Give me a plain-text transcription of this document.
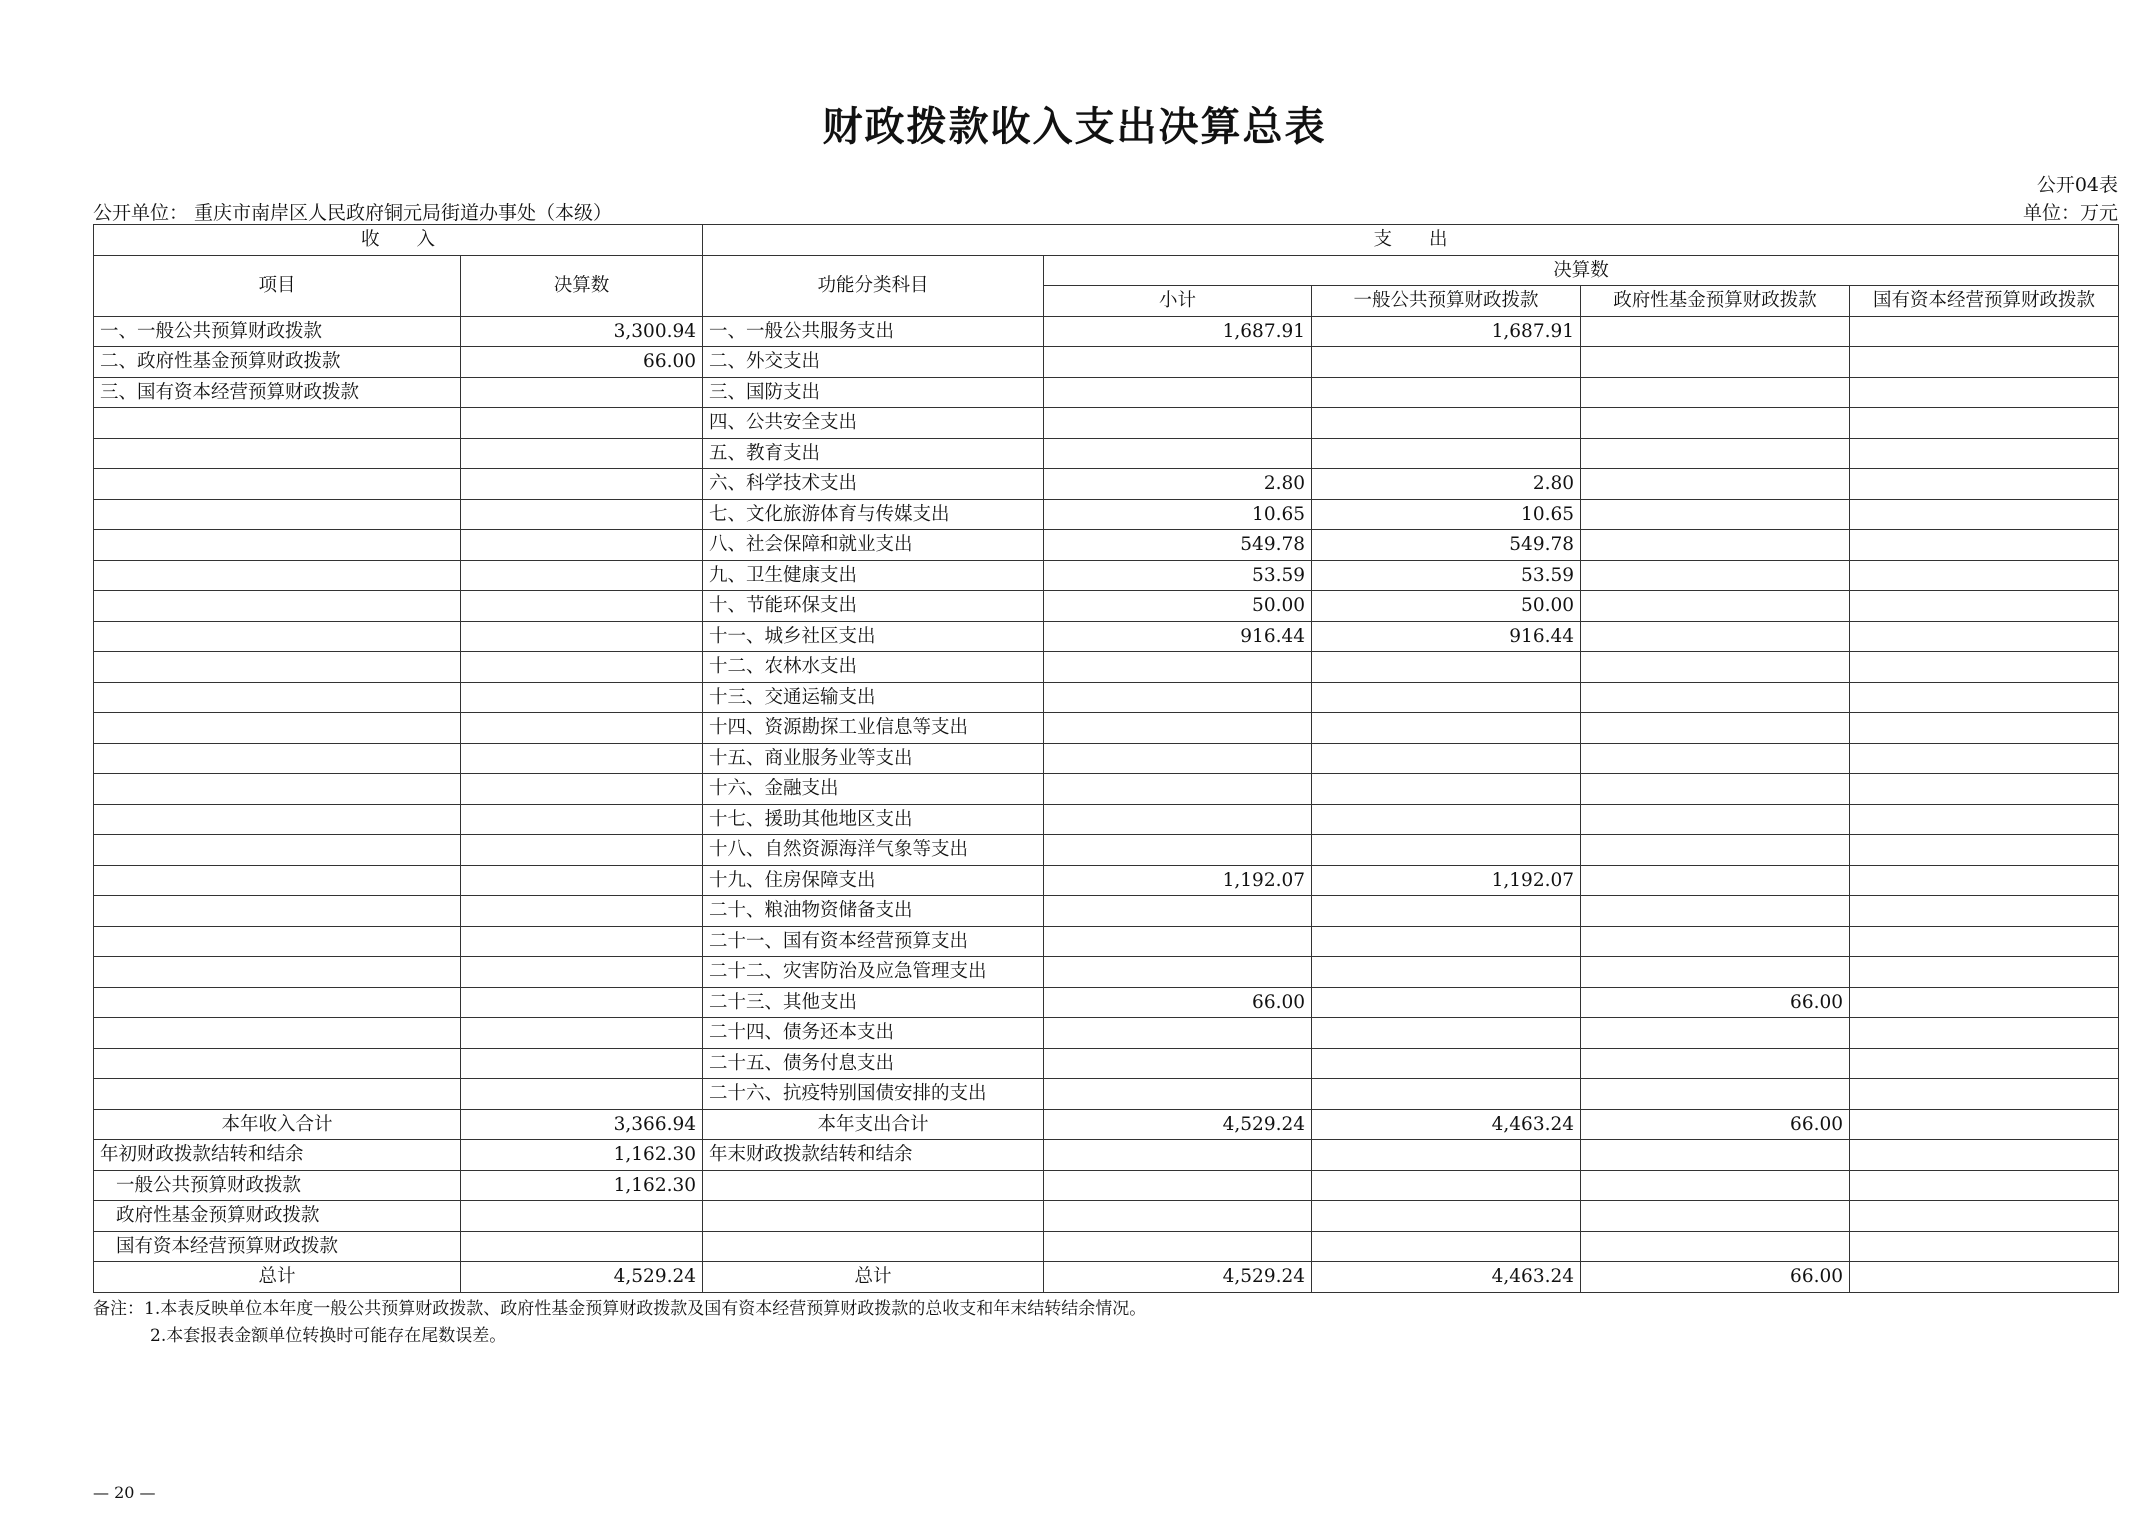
财政拨款收入支出决算总表
公开04表
公开单位： 重庆市南岸区人民政府铜元局街道办事处（本级）	单位：万元
收　　入		支　　出				
项目	决算数	功能分类科目	决算数			
			小计	一般公共预算财政拨款	政府性基金预算财政拨款	国有资本经营预算财政拨款
一、一般公共预算财政拨款	3,300.94	一、一般公共服务支出	1,687.91	1,687.91		
二、政府性基金预算财政拨款	66.00	二、外交支出				
三、国有资本经营预算财政拨款		三、国防支出				
		四、公共安全支出				
		五、教育支出				
		六、科学技术支出	2.80	2.80		
		七、文化旅游体育与传媒支出	10.65	10.65		
		八、社会保障和就业支出	549.78	549.78		
		九、卫生健康支出	53.59	53.59		
		十、节能环保支出	50.00	50.00		
		十一、城乡社区支出	916.44	916.44		
		十二、农林水支出				
		十三、交通运输支出				
		十四、资源勘探工业信息等支出				
		十五、商业服务业等支出				
		十六、金融支出				
		十七、援助其他地区支出				
		十八、自然资源海洋气象等支出				
		十九、住房保障支出	1,192.07	1,192.07		
		二十、粮油物资储备支出				
		二十一、国有资本经营预算支出				
		二十二、灾害防治及应急管理支出				
		二十三、其他支出	66.00		66.00	
		二十四、债务还本支出				
		二十五、债务付息支出				
		二十六、抗疫特别国债安排的支出				
本年收入合计	3,366.94	本年支出合计	4,529.24	4,463.24	66.00	
年初财政拨款结转和结余	1,162.30	年末财政拨款结转和结余				
一般公共预算财政拨款	1,162.30					
政府性基金预算财政拨款						
国有资本经营预算财政拨款						
总计	4,529.24	总计	4,529.24	4,463.24	66.00	
备注：1.本表反映单位本年度一般公共预算财政拨款、政府性基金预算财政拨款及国有资本经营预算财政拨款的总收支和年末结转结余情况。
2.本套报表金额单位转换时可能存在尾数误差。
— 20 —
